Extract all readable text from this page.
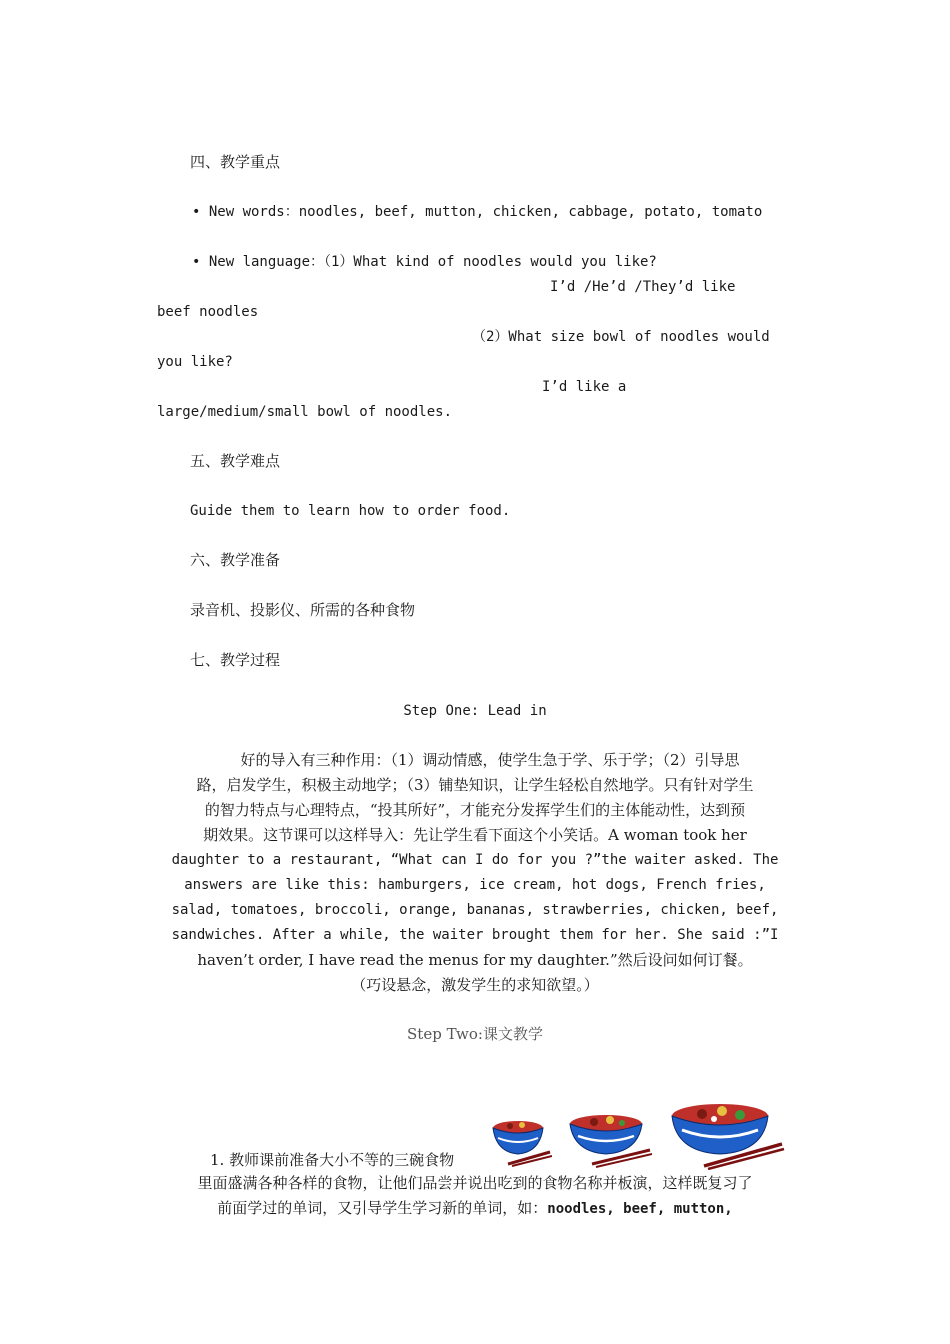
四、教学重点

• New words：noodles, beef, mutton, chicken, cabbage, potato, tomato

• New language：（1）What kind of noodles would you like?

I’d /He’d /They’d like

beef noodles

（2）What size bowl of noodles would

you like?

I’d like a

large/medium/small bowl of noodles.

五、教学难点

Guide them to learn how to order food.

六、教学准备

录音机、投影仪、所需的各种食物

七、教学过程

Step One: Lead in

好的导入有三种作用：（1）调动情感，使学生急于学、乐于学；（2）引导思

路，启发学生，积极主动地学；（3）铺垫知识，让学生轻松自然地学。只有针对学生

的智力特点与心理特点，“投其所好”，才能充分发挥学生们的主体能动性，达到预

期效果。这节课可以这样导入：先让学生看下面这个小笑话。A woman took her

daughter to a restaurant, “What can I do for you ?”the waiter asked. The

answers are like this: hamburgers, ice cream, hot dogs, French fries,

salad, tomatoes, broccoli, orange, bananas, strawberries, chicken, beef,

sandwiches. After a while, the waiter brought them for her. She said :”I

haven’t order, I have read the menus for my daughter.”然后设问如何订餐。

（巧设悬念，激发学生的求知欲望。）

Step Two:课文教学

1. 教师课前准备大小不等的三碗食物

里面盛满各种各样的食物，让他们品尝并说出吃到的食物名称并板演，这样既复习了

前面学过的单词，又引导学生学习新的单词，如：noodles, beef, mutton,
